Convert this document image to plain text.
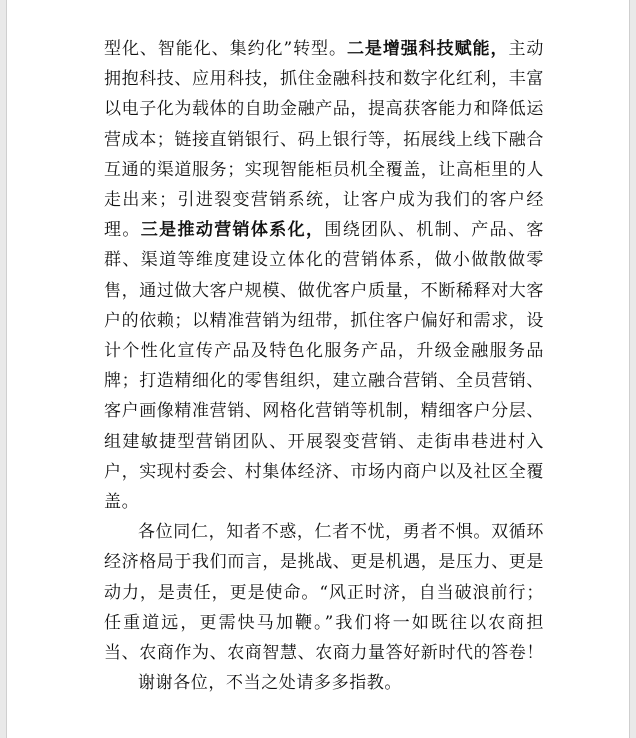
型化、智能化、集约化”转型。二是增强科技赋能，主动拥抱科技、应用科技，抓住金融科技和数字化红利，丰富以电子化为载体的自助金融产品，提高获客能力和降低运营成本；链接直销银行、码上银行等，拓展线上线下融合互通的渠道服务；实现智能柜员机全覆盖，让高柜里的人走出来；引进裂变营销系统，让客户成为我们的客户经理。三是推动营销体系化，围绕团队、机制、产品、客群、渠道等维度建设立体化的营销体系，做小做散做零售，通过做大客户规模、做优客户质量，不断稀释对大客户的依赖；以精准营销为纽带，抓住客户偏好和需求，设计个性化宣传产品及特色化服务产品，升级金融服务品牌；打造精细化的零售组织，建立融合营销、全员营销、客户画像精准营销、网格化营销等机制，精细客户分层、组建敏捷型营销团队、开展裂变营销、走街串巷进村入户，实现村委会、村集体经济、市场内商户以及社区全覆盖。

各位同仁，知者不惑，仁者不忧，勇者不惧。双循环经济格局于我们而言，是挑战、更是机遇，是压力、更是动力，是责任，更是使命。“风正时济，自当破浪前行；任重道远，更需快马加鞭。”我们将一如既往以农商担当、农商作为、农商智慧、农商力量答好新时代的答卷！

谢谢各位，不当之处请多多指教。
